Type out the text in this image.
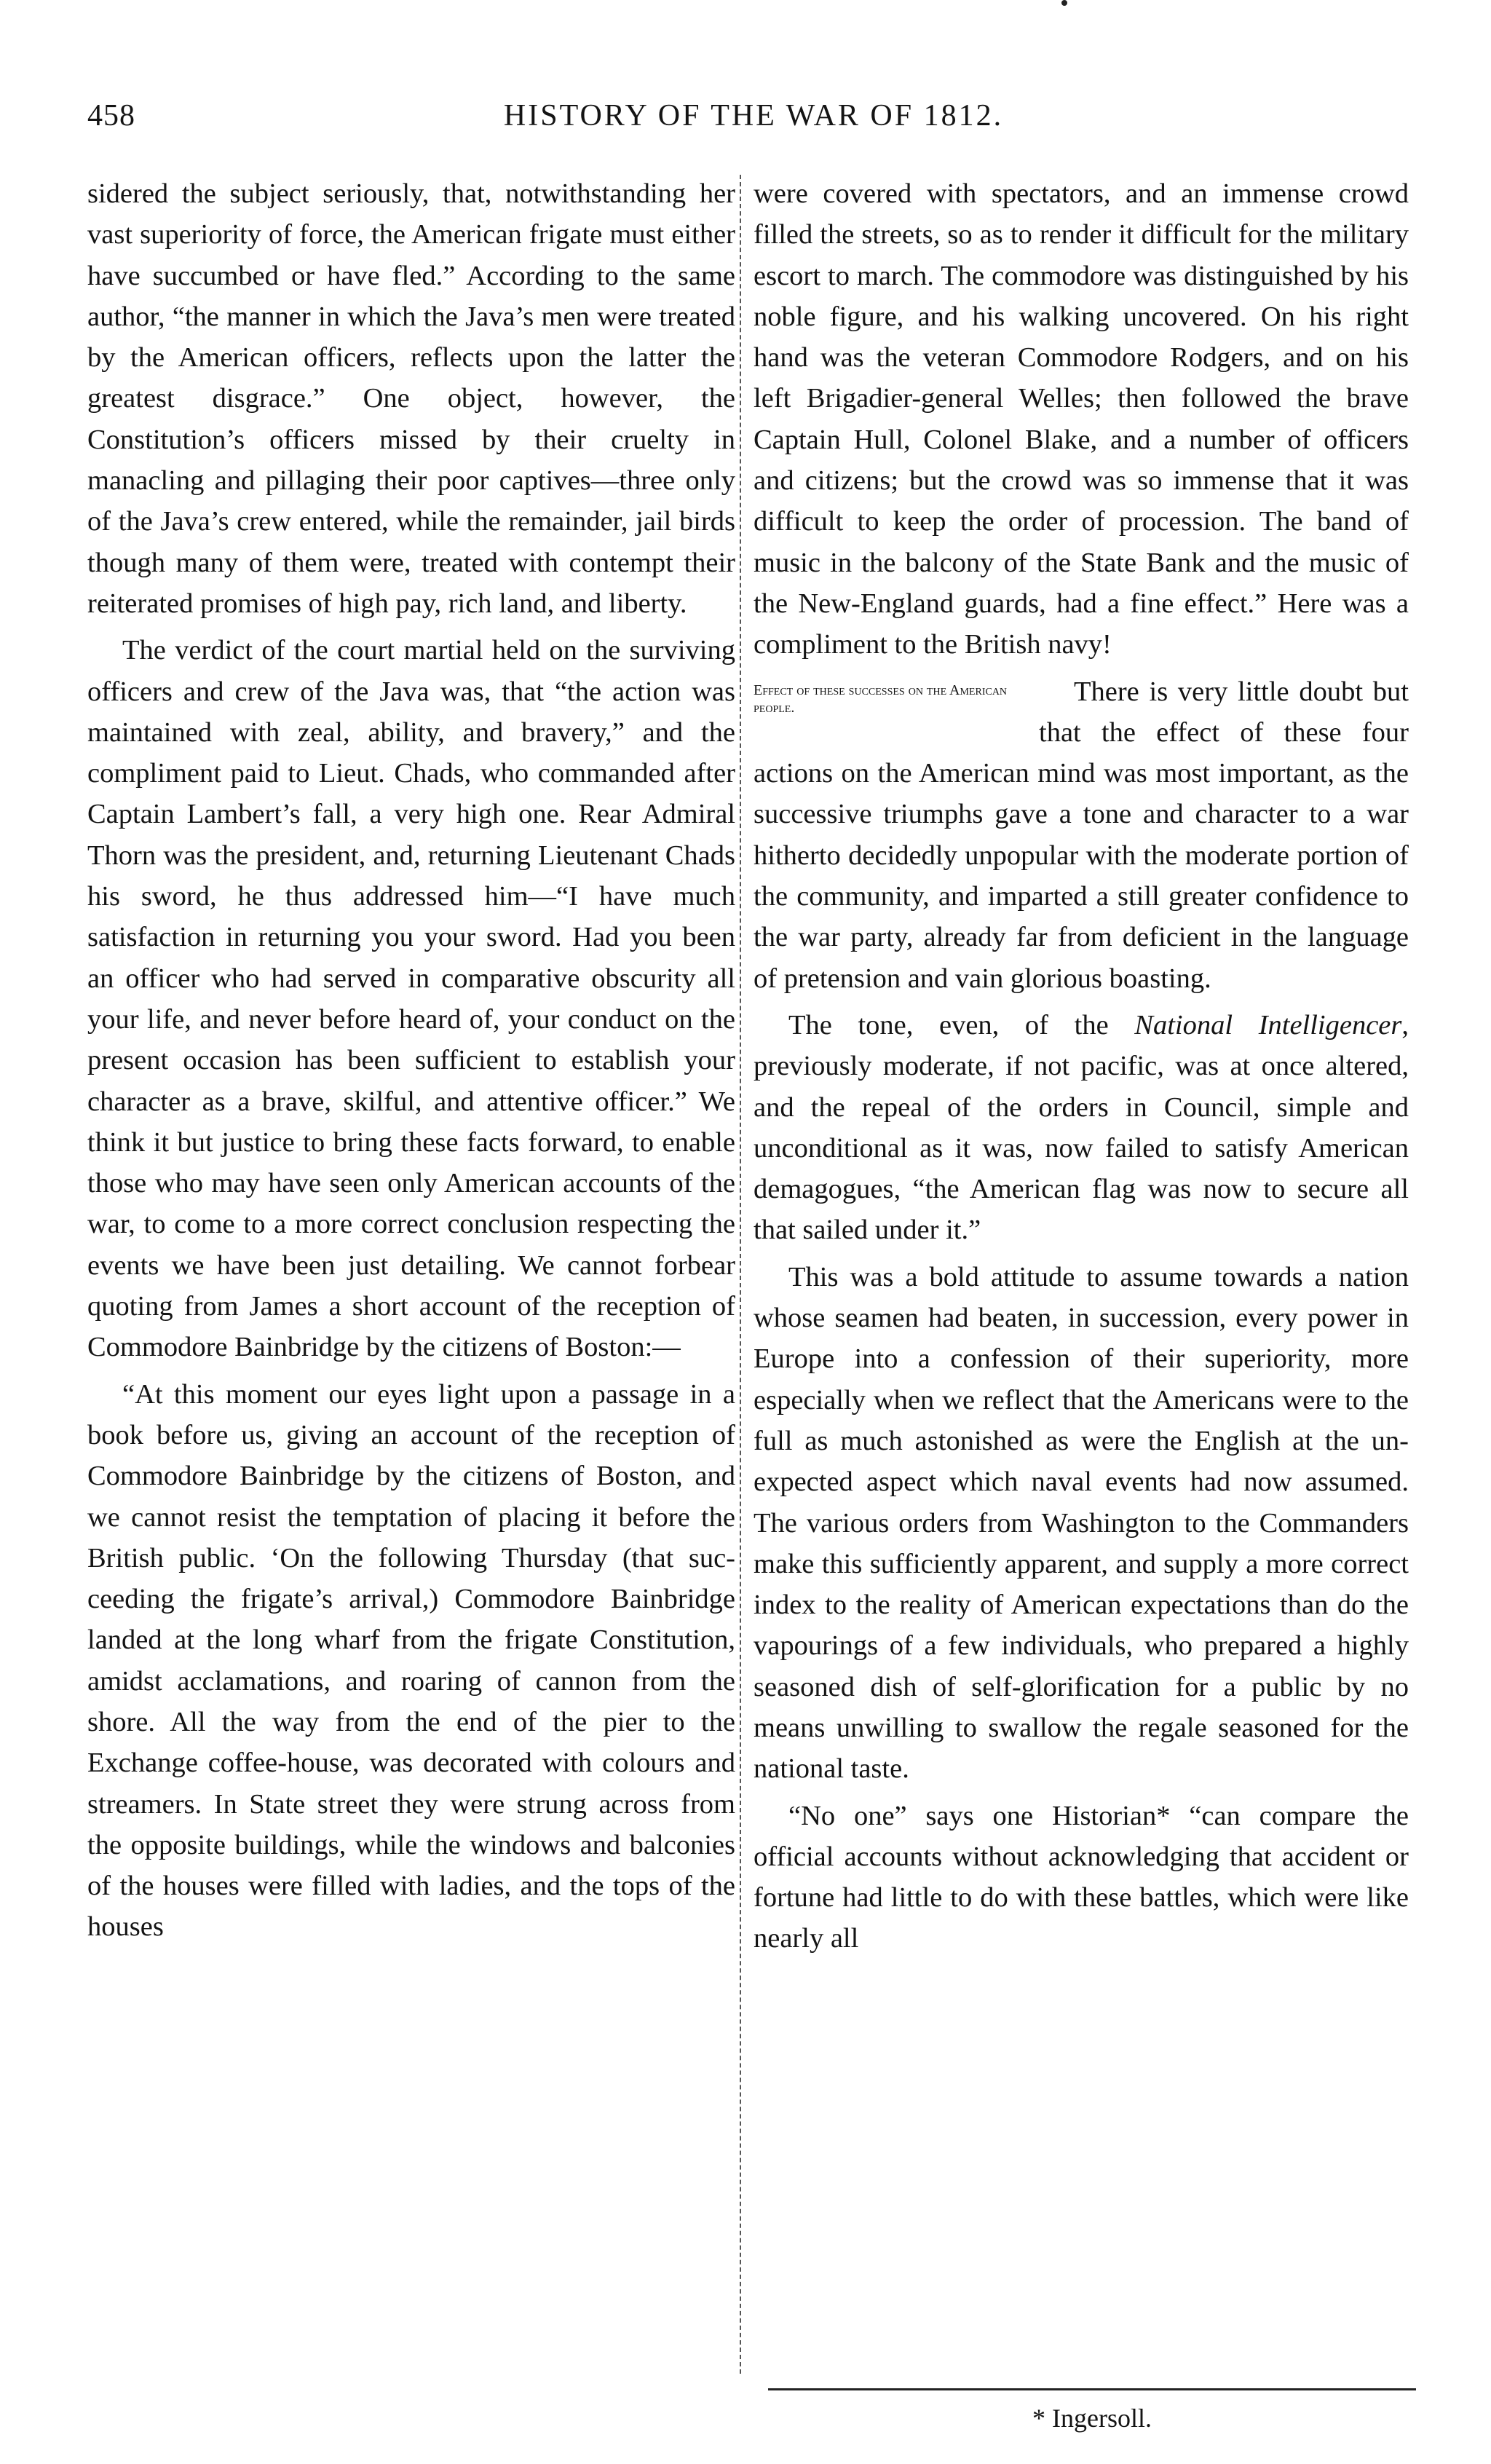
458	HISTORY OF THE WAR OF 1812.

sidered the subject seriously, that, notwithstanding her vast superiority of force, the American frigate must either have succumbed or have fled.” According to the same author, “the manner in which the Java’s men were treated by the American officers, reflects upon the latter the greatest disgrace.” One object, however, the Constitution’s officers missed by their cruelty in manacling and pillaging their poor captives—three only of the Java’s crew entered, while the remainder, jail birds though many of them were, treated with contempt their reiterated promises of high pay, rich land, and liberty.

The verdict of the court martial held on the surviving officers and crew of the Java was, that “the action was maintained with zeal, ability, and bravery,” and the compliment paid to Lieut. Chads, who commanded after Captain Lambert’s fall, a very high one. Rear Admiral Thorn was the president, and, returning Lieutenant Chads his sword, he thus addressed him—“I have much satisfaction in returning you your sword. Had you been an officer who had served in comparative obscurity all your life, and never before heard of, your conduct on the present occasion has been sufficient to establish your character as a brave, skilful, and attentive officer.” We think it but justice to bring these facts forward, to enable those who may have seen only American accounts of the war, to come to a more correct conclusion respecting the events we have been just detailing. We cannot forbear quoting from James a short account of the reception of Commodore Bainbridge by the citizens of Boston:—

“At this moment our eyes light upon a passage in a book before us, giving an account of the reception of Commodore Bainbridge by the citizens of Boston, and we cannot resist the temptation of placing it before the British public. ‘On the following Thursday (that succeeding the frigate’s arrival,) Commodore Bainbridge landed at the long wharf from the frigate Constitution, amidst acclamations, and roaring of cannon from the shore. All the way from the end of the pier to the Exchange coffee-house, was decorated with colours and streamers. In State street they were strung across from the opposite buildings, while the windows and balconies of the houses were filled with ladies, and the tops of the houses

were covered with spectators, and an immense crowd filled the streets, so as to render it difficult for the military escort to march. The commodore was distinguished by his noble figure, and his walking uncovered. On his right hand was the veteran Commodore Rodgers, and on his left Brigadier-general Welles; then followed the brave Captain Hull, Colonel Blake, and a number of officers and citizens; but the crowd was so immense that it was difficult to keep the order of procession. The band of music in the balcony of the State Bank and the music of the New-England guards, had a fine effect.” Here was a compliment to the British navy!

Effect of these successes on the American people.

There is very little doubt but that the effect of these four actions on the American mind was most important, as the successive triumphs gave a tone and character to a war hitherto decidedly unpopular with the moderate portion of the community, and imparted a still greater confidence to the war party, already far from deficient in the language of pretension and vain glorious boasting.

The tone, even, of the National Intelligencer, previously moderate, if not pacific, was at once altered, and the repeal of the orders in Council, simple and unconditional as it was, now failed to satisfy American demagogues, “the American flag was now to secure all that sailed under it.”

This was a bold attitude to assume towards a nation whose seamen had beaten, in succession, every power in Europe into a confession of their superiority, more especially when we reflect that the Americans were to the full as much astonished as were the English at the unexpected aspect which naval events had now assumed. The various orders from Washington to the Commanders make this sufficiently apparent, and supply a more correct index to the reality of American expectations than do the vapourings of a few individuals, who prepared a highly seasoned dish of self-glorification for a public by no means unwilling to swallow the regale seasoned for the national taste.

“No one” says one Historian* “can compare the official accounts without acknowledging that accident or fortune had little to do with these battles, which were like nearly all

* Ingersoll.
